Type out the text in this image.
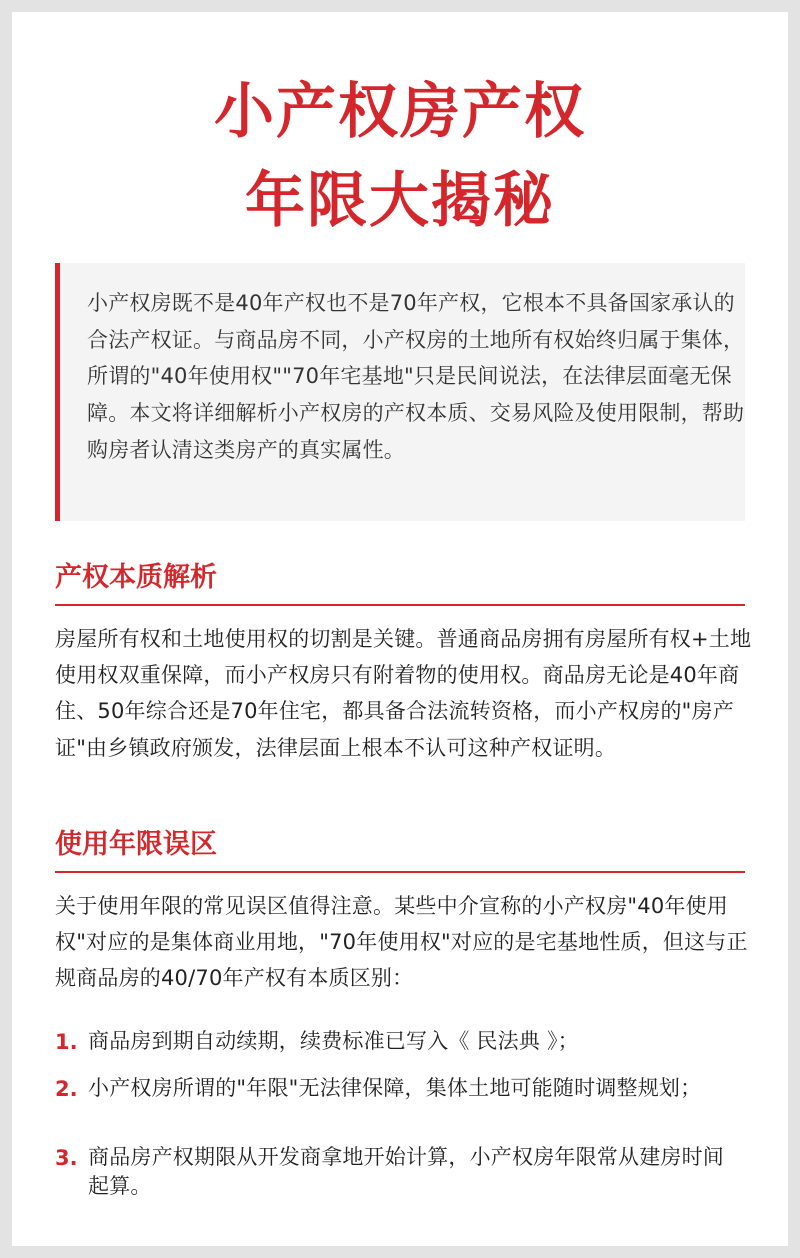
小产权房产权
年限大揭秘

小产权房既不是40年产权也不是70年产权，它根本不具备国家承认的合法产权证。与商品房不同，小产权房的土地所有权始终归属于集体，所谓的"40年使用权""70年宅基地"只是民间说法，在法律层面毫无保障。本文将详细解析小产权房的产权本质、交易风险及使用限制，帮助购房者认清这类房产的真实属性。

产权本质解析

房屋所有权和土地使用权的切割是关键。普通商品房拥有房屋所有权+土地使用权双重保障，而小产权房只有附着物的使用权。商品房无论是40年商住、50年综合还是70年住宅，都具备合法流转资格，而小产权房的"房产证"由乡镇政府颁发，法律层面上根本不认可这种产权证明。

使用年限误区

关于使用年限的常见误区值得注意。某些中介宣称的小产权房"40年使用权"对应的是集体商业用地，"70年使用权"对应的是宅基地性质，但这与正规商品房的40/70年产权有本质区别：

1. 商品房到期自动续期，续费标准已写入《 民法典 》；

2. 小产权房所谓的"年限"无法律保障，集体土地可能随时调整规划；

3. 商品房产权期限从开发商拿地开始计算，小产权房年限常从建房时间起算。
